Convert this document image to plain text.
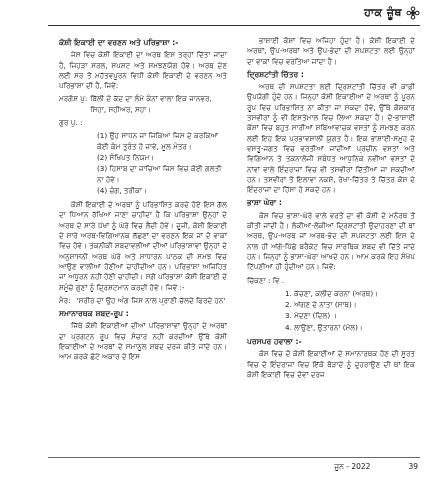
ਹਾਕ ਜ਼ੂੰਥ
ਕੋਸ਼ੀ ਇਕਾਈ ਦਾ ਵਰਣਨ ਅਤੇ ਪਰਿਭਾਸ਼ਾ :-

ਜੇਸ ਵਿਚ ਕੋਸ਼ੀ ਇਕਾਈ ਦਾ ਅਰਥ ਇਸ ਤਰ੍ਹਾਂ ਦਿੱਤਾ ਜਾਂਦਾ ਹੈ, ਜਿਹੜਾ ਸਰਲ, ਸਪਸ਼ਟ ਅਤੇ ਸਮਝਣਯੋਗ ਹੋਵੇ। ਅਰਥ ਦੇਣ ਲਈ ਸਰ ਤੋਂ ਮਹੱਤਵਪੂਰਨ ਵਿਧੀ ਕੋਸ਼ੀ ਇਕਾਈ ਦੇ ਵਰਣਨ ਅਤੇ ਪਰਿਭਾਸ਼ਾ ਦੀ ਹੈ, ਜਿਵੇਂ:

ਮਰਗੋਸ਼ ਪੁ: ਬਿੱਲੀ ਦੇ ਕੱਦ ਦਾ ਲੰਮੇ ਕੰਨਾਂ ਵਾਲਾ ਇਕ ਜਾਨਵਰ, ਸਿਹਾ, ਸਹੀਅਰ, ਸਹਾ।
ਗੁਰ ਪੁ. :
(1) ਉਹ ਸਾਧਨ ਜਾਂ ਜਿਕਿਆ ਜਿਸ ਦੇ ਕਰਕਿਆਂ ਕੋਈ ਕੰਮ ਤੁਰੰਤ ਹੋ ਜਾਵੇ, ਮੂਲ ਮੰਤਰ।
(2) ਸੰਖਿਪਤ ਨਿਯਮ।
(3) ਹਿਸਾਬ ਦਾ ਜਾਚਿਆ ਜਿਸ ਵਿਚ ਕੋਈ ਗਲਤੀ ਨਾ ਹੋਵੇ।
(4) ਚੰਗ, ਤਰੀਕਾ।

ਕੋਸ਼ੀ ਇਕਾਈ ਦੇ ਅਰਥਾਂ ਨੂੰ ਪਰਿਭਾਸ਼ਿਤ ਕਰਦੇ ਹੋਏ ਇਸ ਗੱਲ ਦਾ ਧਿਆਨ ਰੱਖਿਆ ਜਾਣਾ ਚਾਹੀਦਾ ਹੈ ਕਿ ਪਰਿਭਾਸ਼ਾ ਉਨ੍ਹਾਂ ਦੇ ਅਰਥ ਦੇ ਸਾਰੇ ਪੱਖਾਂ ਨੂੰ ਘੇਰੇ ਵਿਚ ਲੈਂਦੀ ਹੋਵੇ। ਦੂਜੀ, ਕੋਸ਼ੀ ਇਕਾਈ ਦੇ ਸਾਰੇ ਅਰਥ-ਵਿਗਿਆਨਕ ਲੱਛਣਾਂ ਦਾ ਵਰਣਨ ਇਕ ਜਾਂ ਦੋ ਵਾਕਾਂ ਵਿਚ ਹੋਵੇ। ਤਕਨੀਕੀ ਸ਼ਬਦਾਵਲੀਆਂ ਦੀਆਂ ਪਰਿਭਾਸ਼ਾਵਾਂ ਉਨ੍ਹਾਂ ਦੇ ਅਨੁਸ਼ਾਸਨੀ ਅਰਥ ਘੇਰੇ ਅਤੇ ਸਾਧਾਰਨ ਪਾਠਕ ਦੀ ਸਮਝ ਵਿਚ ਆਉਣ ਵਾਲੀਆਂ ਹੋਣੀਆਂ ਚਾਹੀਦੀਆਂ ਹਨ। ਪਰਿਭਾਸ਼ਾ ਅਜਿਹਿਤ ਜਾਂ ਅਧੂਰਨ ਨਹੀਂ ਹੋਣੀ ਚਾਹੀਦੀ। ਸਗੋਂ ਪਰਿਭਾਸ਼ਾ ਕੋਸ਼ੀ ਇਕਾਈ ਦੇ ਸਮੂੰਚੇ ਗੁਣਾਂ ਨੂੰ ਦ੍ਰਿਸ਼ਟਮਾਨ ਕਰਦੀ ਹੋਵੇ। ਜਿਵੇਂ :-

ਮੈਰ: 'ਸਰੀਰ ਦਾ ਉਹ ਅੰਗ ਜਿਸ ਨਾਲ ਪ੍ਰਾਣੀ ਚੱਲਦੇ ਫਿਰਦੇ ਹਨ'
ਸਮਾਨਾਰਥਕ ਸ਼ਬਦ-ਰੂਪ :

ਜਿੱਥੇ ਕੋਸ਼ੀ ਇਕਾਈਆਂ ਦੀਆਂ ਪਰਿਭਾਸ਼ਾਵਾਂ ਉਨ੍ਹਾਂ ਦੇ ਅਰਥਾਂ ਦਾ ਪ੍ਰਗਟਨ ਰੂਪ ਵਿਚ ਸੰਚਾਰ ਨਹੀਂ ਕਰਦੀਆਂ ਉੱਥੇ ਕੋਸ਼ੀ ਇਕਾਈਆਂ ਦੇ ਅਰਥਾਂ ਦੇ ਸਮਾਨੂਲ ਸ਼ਬਦ ਦਰਜ ਕੀਤੇ ਜਾਂਦੇ ਹਨ। ਆਮ ਕਰਕੇ ਛੋਟੇ ਅਕਾਰ ਦੇ ਇਸ

ਭਾਸ਼ਾਈ ਕੋਸ਼ਾਂ ਵਿਚ ਅਜਿਹਾ ਹੁੰਦਾ ਹੈ। ਕੋਸ਼ੀ ਇਕਾਈ ਦੇ ਅਰਥਾਂ, ਉਪ-ਅਰਥਾਂ ਅਤੇ ਉਪ-ਭੇਦਾਂ ਦੀ ਸਪਸ਼ਟਤਾ ਲਈ ਉਨ੍ਹਾਂ ਦਾ ਵਾਕਾਂ ਵਿਚ ਵਰਤਿਆ ਜਾਂਦਾ ਹੈ।

ਦ੍ਰਿਸ਼ਟਾਂਤੀ ਚਿੱਤਰ :

ਅਰਥ ਦੀ ਸਪਸ਼ਟਤਾ ਲਈ ਦ੍ਰਿਸ਼ਟਾਂਤੀ ਚਿੱਤਰ ਵੀ ਕਾਫ਼ੀ ਉਪਯੋਗੀ ਹੁੰਦੇ ਹਨ। ਜਿਨ੍ਹਾਂ ਕੋਸ਼ੀ ਇਕਾਈਆਂ ਦੇ ਅਰਥਾਂ ਨੂੰ ਪੂਰਨ ਰੂਪ ਵਿਚ ਪਰਿਭਾਸ਼ਿਤ ਨਾ ਕੀਤਾ ਜਾ ਸਕਦਾ ਹੋਵੇ, ਉੱਥੇ ਕੋਸ਼ਕਾਰ ਤਸਵੀਰਾਂ ਨੂੰ ਵੀ ਇਸਤੇਮਾਲ ਵਿਚ ਲਿਆ ਸਕਦਾ ਹੈ। ਦੋ-ਭਾਸ਼ਾਈ ਕੋਸ਼ਾਂ ਵਿਚ ਬਹੁਤ ਸਾਰੀਆਂ ਸ਼ਬਿਆਵਾਚਕ ਵਸਤਾਂ ਨੂੰ ਸਮਝਣ ਕਰਨ ਲਈ ਇਹ ਇਕ ਪ੍ਰਭਾਵਸ਼ਾਲੀ ਯੁਗਤ ਹੈ। ਇਕ ਭਾਸ਼ਾਈ-ਸਮੂਹ ਦੇ ਵਸਤੂ-ਜਗਤ ਵਿਚ ਵਰਤੀਆਂ ਜਾਂਦੀਆਂ ਪ੍ਰਚੀਨ ਵਸਤਾਂ ਅਤੇ ਵਿਗਿਆਨ ਤੇ ਤਕਨਾਲੋਜੀ ਸਬੰਧਤ ਆਧੁਨਿਕ ਨਵੀਂਆਂ ਵਸਤਾਂ ਦੇ ਨਾਂਵਾਂ ਵਾਲੇ ਇੰਦਰਾਜਾਂ ਵਿਚ ਵੀ ਤਸਵੀਰਾਂ ਦਿੱਤੀਆਂ ਜਾ ਸਕਦੀਆਂ ਹਨ। ਤਸਵੀਰਾਂ ਤੋਂ ਇਲਾਵਾ ਨਕਸ਼ੇ, ਰੇਖਾ-ਚਿੱਤਰ ਤੇ ਚਿੱਤਰ ਕੋਸ਼ ਦੇ ਇੰਦਰਾਜਾਂ ਦਾ ਹਿੱਸਾ ਹੋ ਸਕਦੇ ਹਨ।

ਭਾਸ਼ਾ ਘੇਰਾ :

ਕੋਸ਼ ਵਿਚ ਭਾਸ਼ਾ-ਘੇਰੇ ਵਾਲੇ ਵਰਤੋਂ ਦਾ ਵੀ ਕੋਸ਼ੀ ਦੇ ਮਨੋਰਥ ਤੋਂ ਕੀਤੀ ਜਾਂਦੀ ਹੈ। ਲੋਕੀਆਂ-ਲੋਕੀਆਂ ਦ੍ਰਿਸ਼ਟਾਂਤੀ ਉਦਾਹਰਣਾਂ ਦੀ ਥਾਂ ਅਰਥ, ਉਪ-ਅਰਥ ਜਾਂ ਅਰਥ-ਭੇਦ ਦੀ ਸਪਸ਼ਟਤਾ ਲਈ ਇਸ ਦੇ ਨਾਲ ਹੀ ਅੱਗੇ-ਪਿੱਛੇ ਬਰੈਕੇਟ ਵਿਚ ਸਾਰਥਿਕ ਸ਼ਬਦ ਵੀ ਦਿੱਤੇ ਜਾਂਦੇ ਹਨ। ਜਿਨ੍ਹਾਂ ਨੂੰ ਭਾਸ਼ਾ-ਘੇਰਾ ਆਖਦੇ ਹਨ। ਆਮ ਕਰਕੇ ਇਹ ਸੰਖੇਪ ਟਿੱਪਣੀਆਂ ਹੀ ਹੁੰਦੀਆਂ ਹਨ। ਜਿਵੇਂ:

ਚਿੱਕਣਾ : ਵਿ .
1. ਕੱਚਣਾ, ਕਲੀਦ ਕਰਨਾ (ਅਰਥ)।
2. ਅੱਗਣ ਦੇ ਨਾਤਾ (ਸਾਥ)।
3. ਮੇਦਣਾ (ਦਿਲ) ।
4. ਲਾਉਣਾ, ਉਤਾਰਨਾ (ਮੋਲ)।
ਪਰਸਪਰ ਹਵਾਲਾ :-

ਕੋਸ਼ ਵਿਚ ਦੋ ਕੋਸ਼ੀ ਇਕਾਈਆਂ ਦੇ ਸਮਾਨਾਰਥਕ ਹੋਣ ਦੀ ਸੂਰਤ ਵਿਚ ਦੋ ਇੰਦਰਾਜਾਂ ਵਿਚ ਇੱਕੋ ਥੋੜਾਦੇ ਨੂੰ ਦੁਹਰਾਉਣ ਦੀ ਥਾਂ ਇਕ ਕੋਸ਼ੀ ਇਕਾਈ ਵਿਚ ਦੋਵਾਂ ਦਰਜ

ਜੂਨ - 2022	39
